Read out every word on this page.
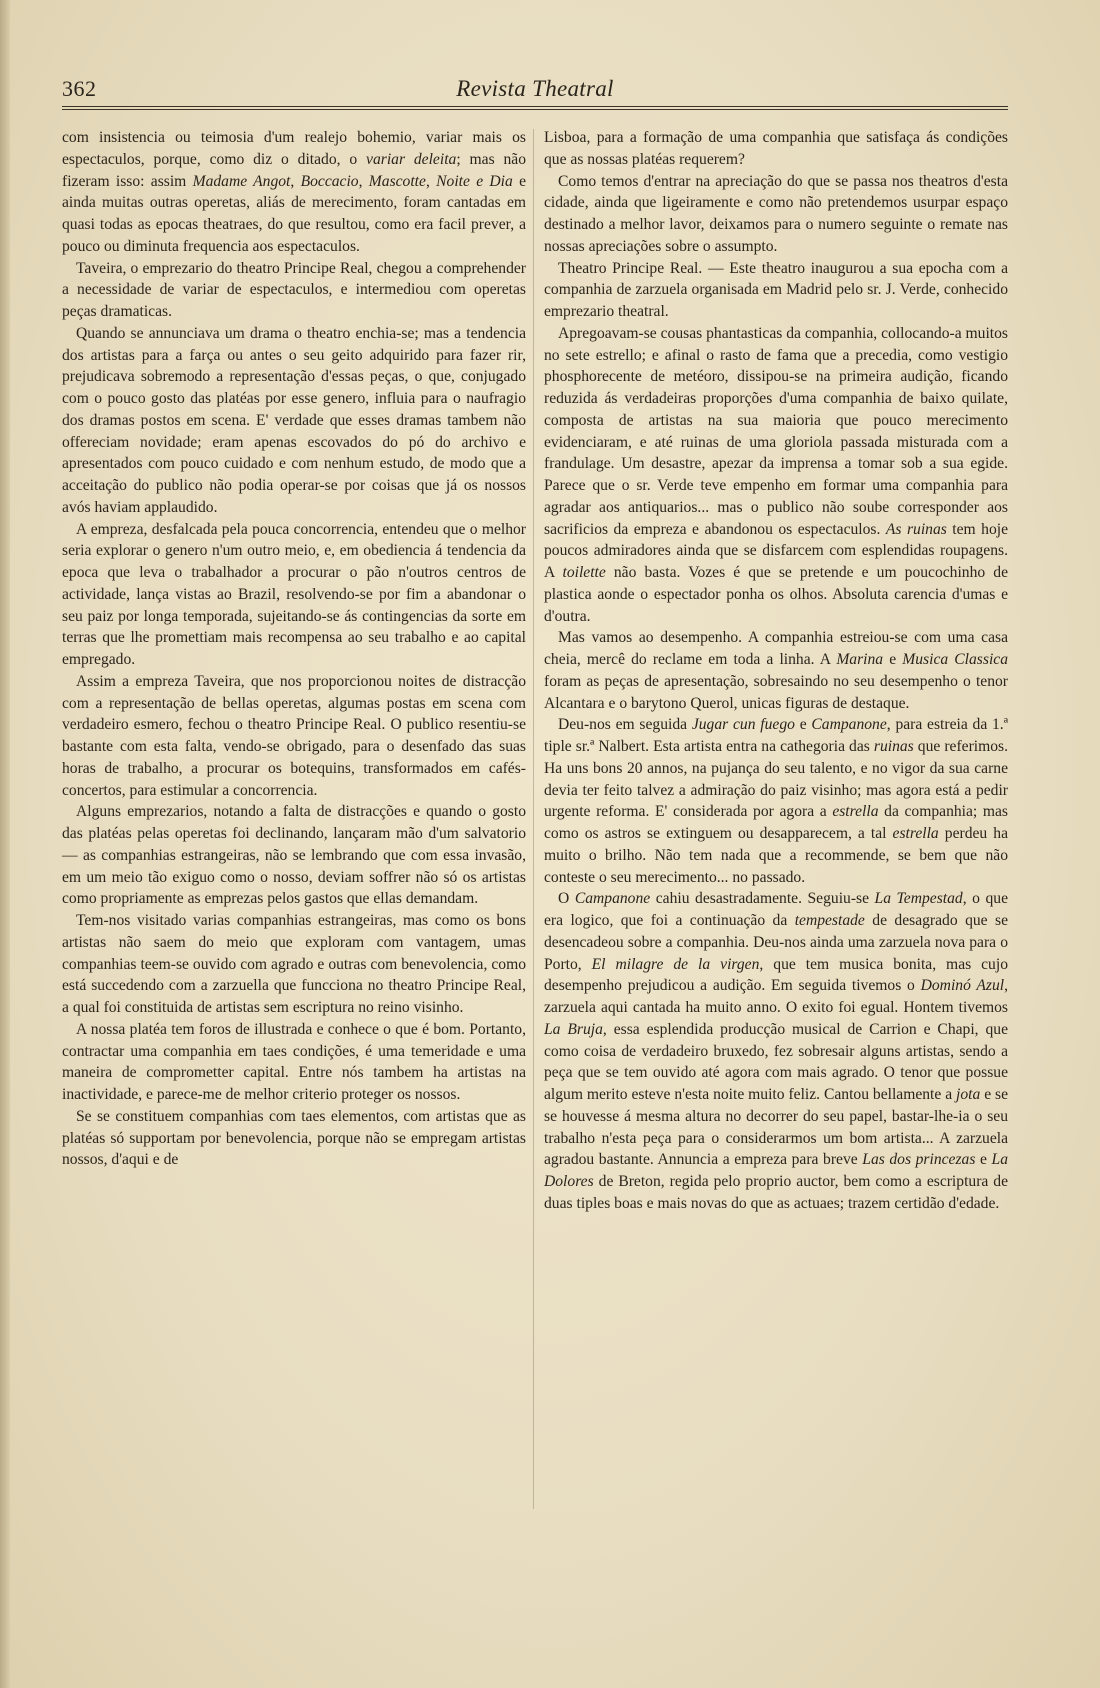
362	Revista Theatral

com insistencia ou teimosia d'um realejo bohemio, variar mais os espectaculos, porque, como diz o ditado, o variar deleita; mas não fizeram isso: assim Madame Angot, Boccacio, Mascotte, Noite e Dia e ainda muitas outras operetas, aliás de merecimento, foram cantadas em quasi todas as epocas theatraes, do que resultou, como era facil prever, a pouco ou diminuta frequencia aos espectaculos.

Taveira, o emprezario do theatro Principe Real, chegou a comprehender a necessidade de variar de espectaculos, e intermediou com operetas peças dramaticas.

Quando se annunciava um drama o theatro enchia-se; mas a tendencia dos artistas para a farça ou antes o seu geito adquirido para fazer rir, prejudicava sobremodo a representação d'essas peças, o que, conjugado com o pouco gosto das platéas por esse genero, influia para o naufragio dos dramas postos em scena. E' verdade que esses dramas tambem não offereciam novidade; eram apenas escovados do pó do archivo e apresentados com pouco cuidado e com nenhum estudo, de modo que a acceitação do publico não podia operar-se por coisas que já os nossos avós haviam applaudido.

A empreza, desfalcada pela pouca concorrencia, entendeu que o melhor seria explorar o genero n'um outro meio, e, em obediencia á tendencia da epoca que leva o trabalhador a procurar o pão n'outros centros de actividade, lança vistas ao Brazil, resolvendo-se por fim a abandonar o seu paiz por longa temporada, sujeitando-se ás contingencias da sorte em terras que lhe promettiam mais recompensa ao seu trabalho e ao capital empregado.

Assim a empreza Taveira, que nos proporcionou noites de distracção com a representação de bellas operetas, algumas postas em scena com verdadeiro esmero, fechou o theatro Principe Real. O publico resentiu-se bastante com esta falta, vendo-se obrigado, para o desenfado das suas horas de trabalho, a procurar os botequins, transformados em cafés-concertos, para estimular a concorrencia.

Alguns emprezarios, notando a falta de distracções e quando o gosto das platéas pelas operetas foi declinando, lançaram mão d'um salvatorio — as companhias estrangeiras, não se lembrando que com essa invasão, em um meio tão exiguo como o nosso, deviam soffrer não só os artistas como propriamente as emprezas pelos gastos que ellas demandam.

Tem-nos visitado varias companhias estrangeiras, mas como os bons artistas não saem do meio que exploram com vantagem, umas companhias teem-se ouvido com agrado e outras com benevolencia, como está succedendo com a zarzuella que funcciona no theatro Principe Real, a qual foi constituida de artistas sem escriptura no reino visinho.

A nossa platéa tem foros de illustrada e conhece o que é bom. Portanto, contractar uma companhia em taes condições, é uma temeridade e uma maneira de comprometter capital. Entre nós tambem ha artistas na inactividade, e parece-me de melhor criterio proteger os nossos.

Se se constituem companhias com taes elementos, com artistas que as platéas só supportam por benevolencia, porque não se empregam artistas nossos, d'aqui e de

Lisboa, para a formação de uma companhia que satisfaça ás condições que as nossas platéas requerem?

Como temos d'entrar na apreciação do que se passa nos theatros d'esta cidade, ainda que ligeiramente e como não pretendemos usurpar espaço destinado a melhor lavor, deixamos para o numero seguinte o remate nas nossas apreciações sobre o assumpto.

Theatro Principe Real. — Este theatro inaugurou a sua epocha com a companhia de zarzuela organisada em Madrid pelo sr. J. Verde, conhecido emprezario theatral.

Apregoavam-se cousas phantasticas da companhia, collocando-a muitos no sete estrello; e afinal o rasto de fama que a precedia, como vestigio phosphorecente de metéoro, dissipou-se na primeira audição, ficando reduzida ás verdadeiras proporções d'uma companhia de baixo quilate, composta de artistas na sua maioria que pouco merecimento evidenciaram, e até ruinas de uma gloriola passada misturada com a frandulage. Um desastre, apezar da imprensa a tomar sob a sua egide. Parece que o sr. Verde teve empenho em formar uma companhia para agradar aos antiquarios... mas o publico não soube corresponder aos sacrificios da empreza e abandonou os espectaculos. As ruinas tem hoje poucos admiradores ainda que se disfarcem com esplendidas roupagens. A toilette não basta. Vozes é que se pretende e um poucochinho de plastica aonde o espectador ponha os olhos. Absoluta carencia d'umas e d'outra.

Mas vamos ao desempenho. A companhia estreiou-se com uma casa cheia, mercê do reclame em toda a linha. A Marina e Musica Classica foram as peças de apresentação, sobresaindo no seu desempenho o tenor Alcantara e o barytono Querol, unicas figuras de destaque.

Deu-nos em seguida Jugar cun fuego e Campanone, para estreia da 1.ª tiple sr.ª Nalbert. Esta artista entra na cathegoria das ruinas que referimos. Ha uns bons 20 annos, na pujança do seu talento, e no vigor da sua carne devia ter feito talvez a admiração do paiz visinho; mas agora está a pedir urgente reforma. E' considerada por agora a estrella da companhia; mas como os astros se extinguem ou desapparecem, a tal estrella perdeu ha muito o brilho. Não tem nada que a recommende, se bem que não conteste o seu merecimento... no passado.

O Campanone cahiu desastradamente. Seguiu-se La Tempestad, o que era logico, que foi a continuação da tempestade de desagrado que se desencadeou sobre a companhia. Deu-nos ainda uma zarzuela nova para o Porto, El milagre de la virgen, que tem musica bonita, mas cujo desempenho prejudicou a audição. Em seguida tivemos o Dominó Azul, zarzuela aqui cantada ha muito anno. O exito foi egual. Hontem tivemos La Bruja, essa esplendida producção musical de Carrion e Chapi, que como coisa de verdadeiro bruxedo, fez sobresair alguns artistas, sendo a peça que se tem ouvido até agora com mais agrado. O tenor que possue algum merito esteve n'esta noite muito feliz. Cantou bellamente a jota e se se houvesse á mesma altura no decorrer do seu papel, bastar-lhe-ia o seu trabalho n'esta peça para o considerarmos um bom artista... A zarzuela agradou bastante. Annuncia a empreza para breve Las dos princezas e La Dolores de Breton, regida pelo proprio auctor, bem como a escriptura de duas tiples boas e mais novas do que as actuaes; trazem certidão d'edade.
